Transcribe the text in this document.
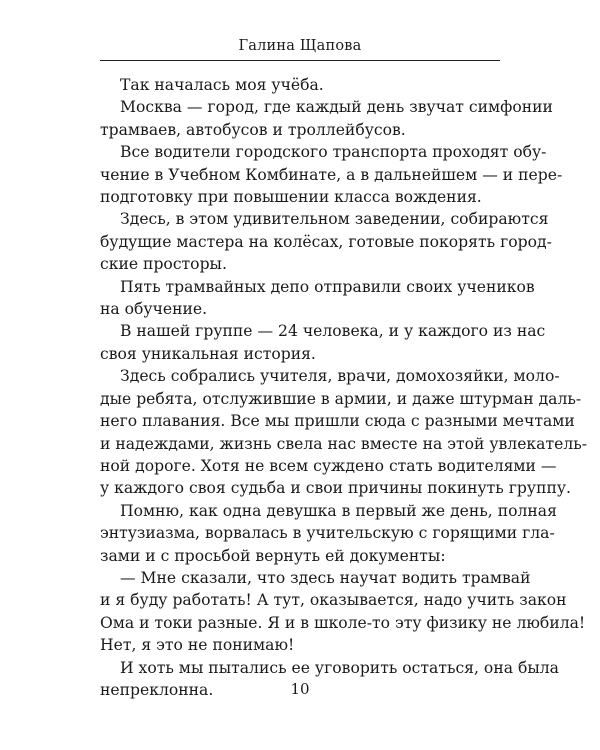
Галина Щапова
Так началась моя учёба.
Москва — город, где каждый день звучат симфонии
трамваев, автобусов и троллейбусов.
Все водители городского транспорта проходят обу-
чение в Учебном Комбинате, а в дальнейшем — и пере-
подготовку при повышении класса вождения.
Здесь, в этом удивительном заведении, собираются
будущие мастера на колёсах, готовые покорять город-
ские просторы.
Пять трамвайных депо отправили своих учеников
на обучение.
В нашей группе — 24 человека, и у каждого из нас
своя уникальная история.
Здесь собрались учителя, врачи, домохозяйки, моло-
дые ребята, отслужившие в армии, и даже штурман даль-
него плавания. Все мы пришли сюда с разными мечтами
и надеждами, жизнь свела нас вместе на этой увлекатель-
ной дороге. Хотя не всем суждено стать водителями —
у каждого своя судьба и свои причины покинуть группу.
Помню, как одна девушка в первый же день, полная
энтузиазма, ворвалась в учительскую с горящими гла-
зами и с просьбой вернуть ей документы:
— Мне сказали, что здесь научат водить трамвай
и я буду работать! А тут, оказывается, надо учить закон
Ома и токи разные. Я и в школе-то эту физику не любила!
Нет, я это не понимаю!
И хоть мы пытались ее уговорить остаться, она была
непреклонна.	10
